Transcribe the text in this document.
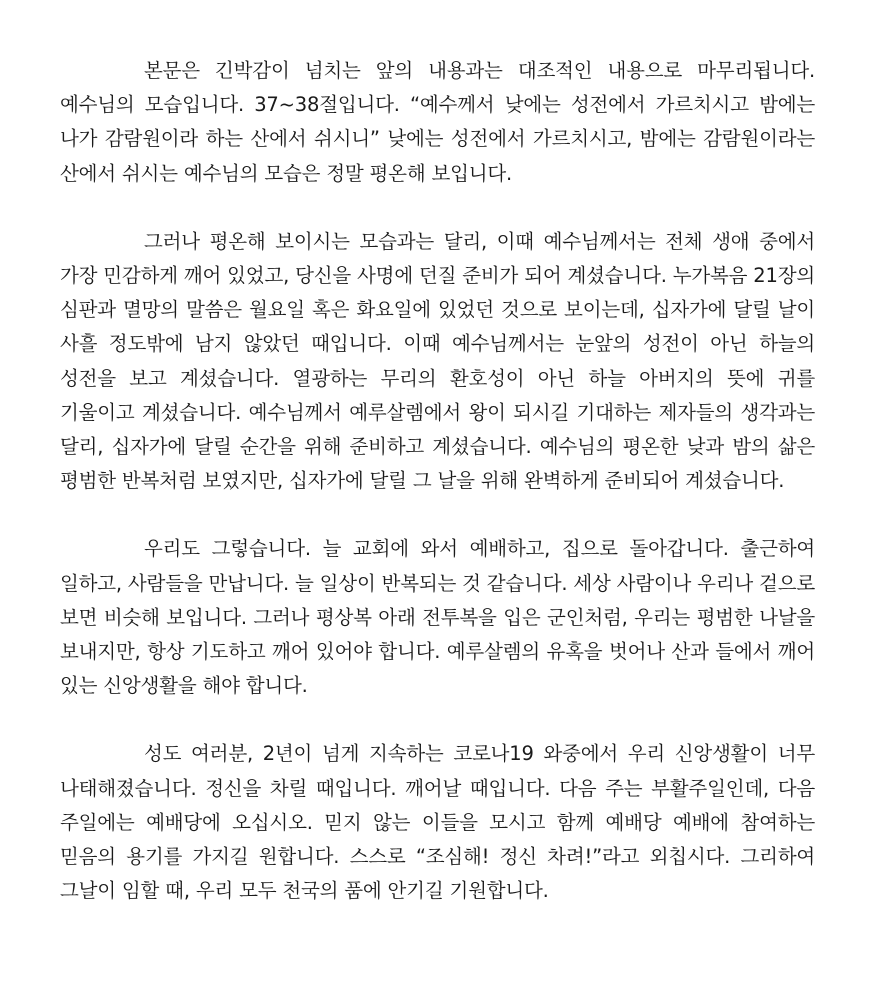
본문은 긴박감이 넘치는 앞의 내용과는 대조적인 내용으로 마무리됩니다. 예수님의 모습입니다. 37~38절입니다. “예수께서 낮에는 성전에서 가르치시고 밤에는 나가 감람원이라 하는 산에서 쉬시니” 낮에는 성전에서 가르치시고, 밤에는 감람원이라는 산에서 쉬시는 예수님의 모습은 정말 평온해 보입니다.

그러나 평온해 보이시는 모습과는 달리, 이때 예수님께서는 전체 생애 중에서 가장 민감하게 깨어 있었고, 당신을 사명에 던질 준비가 되어 계셨습니다. 누가복음 21장의 심판과 멸망의 말씀은 월요일 혹은 화요일에 있었던 것으로 보이는데, 십자가에 달릴 날이 사흘 정도밖에 남지 않았던 때입니다. 이때 예수님께서는 눈앞의 성전이 아닌 하늘의 성전을 보고 계셨습니다. 열광하는 무리의 환호성이 아닌 하늘 아버지의 뜻에 귀를 기울이고 계셨습니다. 예수님께서 예루살렘에서 왕이 되시길 기대하는 제자들의 생각과는 달리, 십자가에 달릴 순간을 위해 준비하고 계셨습니다. 예수님의 평온한 낮과 밤의 삶은 평범한 반복처럼 보였지만, 십자가에 달릴 그 날을 위해 완벽하게 준비되어 계셨습니다.

우리도 그렇습니다. 늘 교회에 와서 예배하고, 집으로 돌아갑니다. 출근하여 일하고, 사람들을 만납니다. 늘 일상이 반복되는 것 같습니다. 세상 사람이나 우리나 겉으로 보면 비슷해 보입니다. 그러나 평상복 아래 전투복을 입은 군인처럼, 우리는 평범한 나날을 보내지만, 항상 기도하고 깨어 있어야 합니다. 예루살렘의 유혹을 벗어나 산과 들에서 깨어 있는 신앙생활을 해야 합니다.

성도 여러분, 2년이 넘게 지속하는 코로나19 와중에서 우리 신앙생활이 너무 나태해졌습니다. 정신을 차릴 때입니다. 깨어날 때입니다. 다음 주는 부활주일인데, 다음 주일에는 예배당에 오십시오. 믿지 않는 이들을 모시고 함께 예배당 예배에 참여하는 믿음의 용기를 가지길 원합니다. 스스로 “조심해! 정신 차려!”라고 외칩시다. 그리하여 그날이 임할 때, 우리 모두 천국의 품에 안기길 기원합니다.
